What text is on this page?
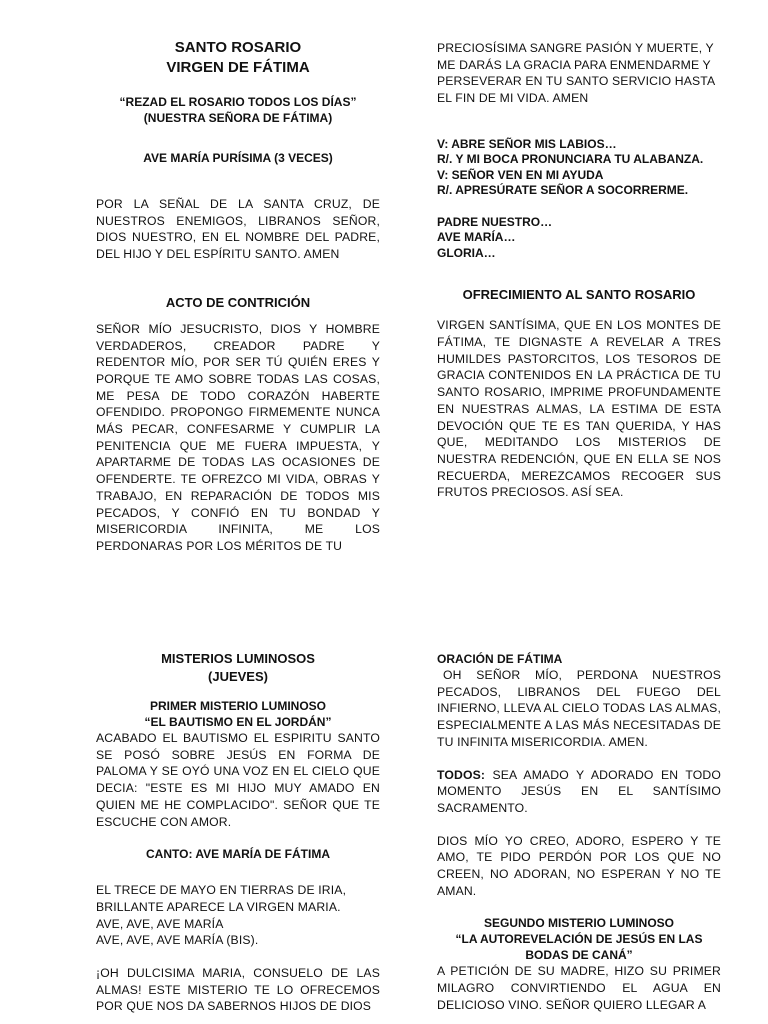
SANTO ROSARIO
VIRGEN DE FÁTIMA

“REZAD EL ROSARIO TODOS LOS DÍAS”

(NUESTRA SEÑORA DE FÁTIMA)

AVE MARÍA PURÍSIMA (3 VECES)

POR LA SEÑAL DE LA SANTA CRUZ, DE NUESTROS ENEMIGOS, LIBRANOS SEÑOR, DIOS NUESTRO, EN EL NOMBRE DEL PADRE, DEL HIJO Y DEL ESPÍRITU SANTO. AMEN

ACTO DE CONTRICIÓN

SEÑOR MÍO JESUCRISTO, DIOS Y HOMBRE VERDADEROS, CREADOR PADRE Y REDENTOR MÍO, POR SER TÚ QUIÉN ERES Y PORQUE TE AMO SOBRE TODAS LAS COSAS, ME PESA DE TODO CORAZÓN HABERTE OFENDIDO. PROPONGO FIRMEMENTE NUNCA MÁS PECAR, CONFESARME Y CUMPLIR LA PENITENCIA QUE ME FUERA IMPUESTA, Y APARTARME DE TODAS LAS OCASIONES DE OFENDERTE. TE OFREZCO MI VIDA, OBRAS Y TRABAJO, EN REPARACIÓN DE TODOS MIS PECADOS, Y CONFIÓ EN TU BONDAD Y MISERICORDIA INFINITA, ME LOS PERDONARAS POR LOS MÉRITOS DE TU

PRECIOSÍSIMA SANGRE PASIÓN Y MUERTE, Y ME DARÁS LA GRACIA PARA ENMENDARME Y PERSEVERAR EN TU SANTO SERVICIO HASTA EL FIN DE MI VIDA. AMEN

V: ABRE SEÑOR MIS LABIOS…

R/. Y MI BOCA PRONUNCIARA TU ALABANZA.

V: SEÑOR VEN EN MI AYUDA

R/. APRESÚRATE SEÑOR A SOCORRERME.

PADRE NUESTRO…

AVE MARÍA…

GLORIA…

OFRECIMIENTO AL SANTO ROSARIO

VIRGEN SANTÍSIMA, QUE EN LOS MONTES DE FÁTIMA, TE DIGNASTE A REVELAR A TRES HUMILDES PASTORCITOS, LOS TESOROS DE GRACIA CONTENIDOS EN LA PRÁCTICA DE TU SANTO ROSARIO, IMPRIME PROFUNDAMENTE EN NUESTRAS ALMAS, LA ESTIMA DE ESTA DEVOCIÓN QUE TE ES TAN QUERIDA, Y HAS QUE, MEDITANDO LOS MISTERIOS DE NUESTRA REDENCIÓN, QUE EN ELLA SE NOS RECUERDA, MEREZCAMOS RECOGER SUS FRUTOS PRECIOSOS. ASÍ SEA.

MISTERIOS LUMINOSOS

(JUEVES)

PRIMER MISTERIO LUMINOSO

“EL BAUTISMO EN EL JORDÁN”

ACABADO EL BAUTISMO EL ESPIRITU SANTO SE POSÓ SOBRE JESÚS EN FORMA DE PALOMA Y SE OYÓ UNA VOZ EN EL CIELO QUE DECIA: "ESTE ES MI HIJO MUY AMADO EN QUIEN ME HE COMPLACIDO". SEÑOR QUE TE ESCUCHE CON AMOR.

CANTO: AVE MARÍA DE FÁTIMA

EL TRECE DE MAYO EN TIERRAS DE IRIA,

BRILLANTE APARECE LA VIRGEN MARIA.

AVE, AVE, AVE MARÍA

AVE, AVE, AVE MARÍA (BIS).

¡OH DULCISIMA MARIA, CONSUELO DE LAS ALMAS! ESTE MISTERIO TE LO OFRECEMOS POR QUE NOS DA SABERNOS HIJOS DE DIOS

ORACIÓN DE FÁTIMA

OH SEÑOR MÍO, PERDONA NUESTROS PECADOS, LIBRANOS DEL FUEGO DEL INFIERNO, LLEVA AL CIELO TODAS LAS ALMAS, ESPECIALMENTE A LAS MÁS NECESITADAS DE TU INFINITA MISERICORDIA. AMEN.

TODOS: SEA AMADO Y ADORADO EN TODO MOMENTO JESÚS EN EL SANTÍSIMO SACRAMENTO.

DIOS MÍO YO CREO, ADORO, ESPERO Y TE AMO, TE PIDO PERDÓN POR LOS QUE NO CREEN, NO ADORAN, NO ESPERAN Y NO TE AMAN.

SEGUNDO MISTERIO LUMINOSO

“LA AUTOREVELACIÓN DE JESÚS EN LAS BODAS DE CANÁ”

A PETICIÓN DE SU MADRE, HIZO SU PRIMER MILAGRO CONVIRTIENDO EL AGUA EN DELICIOSO VINO. SEÑOR QUIERO LLEGAR A
